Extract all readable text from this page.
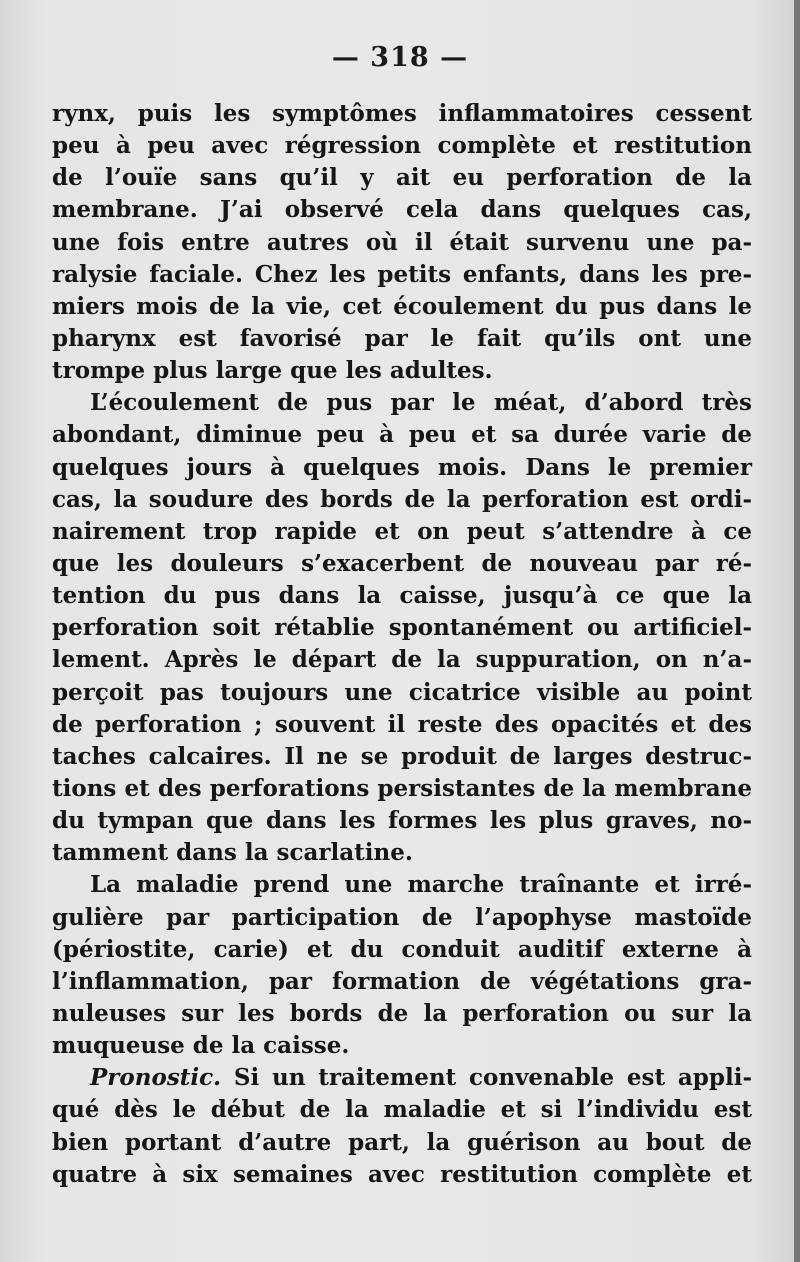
— 318 —
rynx, puis les symptômes inflammatoires cessent
peu à peu avec régression complète et restitution
de l’ouïe sans qu’il y ait eu perforation de la
membrane. J’ai observé cela dans quelques cas,
une fois entre autres où il était survenu une pa-
ralysie faciale. Chez les petits enfants, dans les pre-
miers mois de la vie, cet écoulement du pus dans le
pharynx est favorisé par le fait qu’ils ont une
trompe plus large que les adultes.
L’écoulement de pus par le méat, d’abord très
abondant, diminue peu à peu et sa durée varie de
quelques jours à quelques mois. Dans le premier
cas, la soudure des bords de la perforation est ordi-
nairement trop rapide et on peut s’attendre à ce
que les douleurs s’exacerbent de nouveau par ré-
tention du pus dans la caisse, jusqu’à ce que la
perforation soit rétablie spontanément ou artificiel-
lement. Après le départ de la suppuration, on n’a-
perçoit pas toujours une cicatrice visible au point
de perforation ; souvent il reste des opacités et des
taches calcaires. Il ne se produit de larges destruc-
tions et des perforations persistantes de la membrane
du tympan que dans les formes les plus graves, no-
tamment dans la scarlatine.
La maladie prend une marche traînante et irré-
gulière par participation de l’apophyse mastoïde
(périostite, carie) et du conduit auditif externe à
l’inflammation, par formation de végétations gra-
nuleuses sur les bords de la perforation ou sur la
muqueuse de la caisse.
Pronostic. Si un traitement convenable est appli-
qué dès le début de la maladie et si l’individu est
bien portant d’autre part, la guérison au bout de
quatre à six semaines avec restitution complète et
